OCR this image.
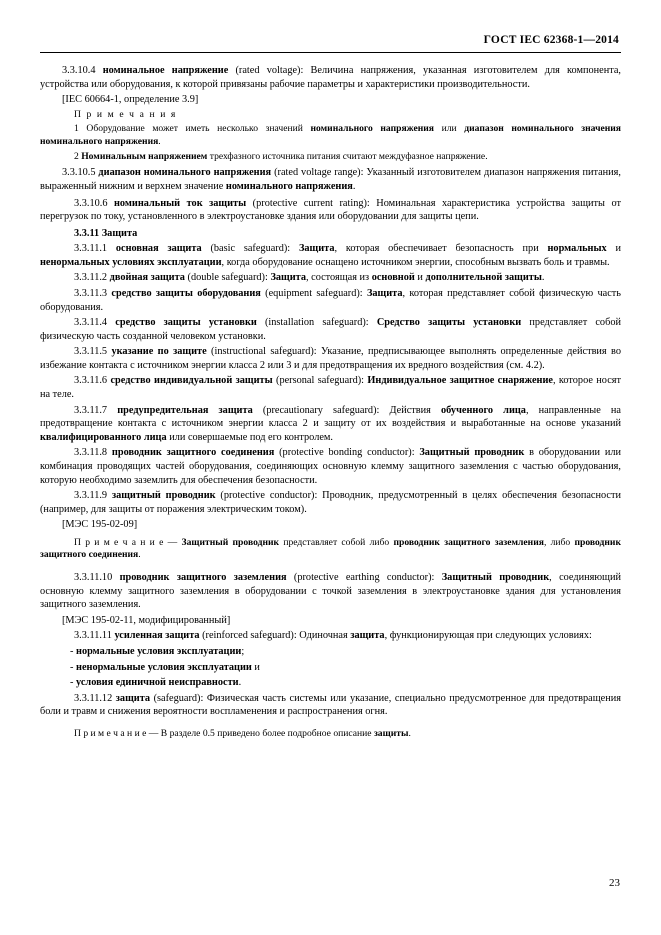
ГОСТ IEC 62368-1—2014

3.3.10.4 номинальное напряжение (rated voltage): Величина напряжения, указанная изготовителем для компонента, устройства или оборудования, к которой привязаны рабочие параметры и характеристики производительности.

[IEC 60664-1, определение 3.9]

П р и м е ч а н и я

1 Оборудование может иметь несколько значений номинального напряжения или диапазон номинального значения номинального напряжения.

2 Номинальным напряжением трехфазного источника питания считают междуфазное напряжение.

3.3.10.5 диапазон номинального напряжения (rated voltage range): Указанный изготовителем диапазон напряжения питания, выраженный нижним и верхнем значение номинального напряжения.

3.3.10.6 номинальный ток защиты (protective current rating): Номинальная характеристика устройства защиты от перегрузок по току, установленного в электроустановке здания или оборудовании для защиты цепи.

3.3.11 Защита

3.3.11.1 основная защита (basic safeguard): Защита, которая обеспечивает безопасность при нормальных и ненормальных условиях эксплуатации, когда оборудование оснащено источником энергии, способным вызвать боль и травмы.

3.3.11.2 двойная защита (double safeguard): Защита, состоящая из основной и дополнительной защиты.

3.3.11.3 средство защиты оборудования (equipment safeguard): Защита, которая представляет собой физическую часть оборудования.

3.3.11.4 средство защиты установки (installation safeguard): Средство защиты установки представляет собой физическую часть созданной человеком установки.

3.3.11.5 указание по защите (instructional safeguard): Указание, предписывающее выполнять определенные действия во избежание контакта с источником энергии класса 2 или 3 и для предотвращения их вредного воздействия (см. 4.2).

3.3.11.6 средство индивидуальной защиты (personal safeguard): Индивидуальное защитное снаряжение, которое носят на теле.

3.3.11.7 предупредительная защита (precautionary safeguard): Действия обученного лица, направленные на предотвращение контакта с источником энергии класса 2 и защиту от их воздействия и выработанные на основе указаний квалифицированного лица или совершаемые под его контролем.

3.3.11.8 проводник защитного соединения (protective bonding conductor): Защитный проводник в оборудовании или комбинация проводящих частей оборудования, соединяющих основную клемму защитного заземления с частью оборудования, которую необходимо заземлить для обеспечения безопасности.

3.3.11.9 защитный проводник (protective conductor): Проводник, предусмотренный в целях обеспечения безопасности (например, для защиты от поражения электрическим током).

[МЭС 195-02-09]

П р и м е ч а н и е — Защитный проводник представляет собой либо проводник защитного заземления, либо проводник защитного соединения.

3.3.11.10 проводник защитного заземления (protective earthing conductor): Защитный проводник, соединяющий основную клемму защитного заземления в оборудовании с точкой заземления в электроустановке здания для установления защитного заземления.

[МЭС 195-02-11, модифицированный]

3.3.11.11 усиленная защита (reinforced safeguard): Одиночная защита, функционирующая при следующих условиях:

- нормальные условия эксплуатации;

- ненормальные условия эксплуатации и

- условия единичной неисправности.

3.3.11.12 защита (safeguard): Физическая часть системы или указание, специально предусмотренное для предотвращения боли и травм и снижения вероятности воспламенения и распространения огня.

П р и м е ч а н и е — В разделе 0.5 приведено более подробное описание защиты.

23
